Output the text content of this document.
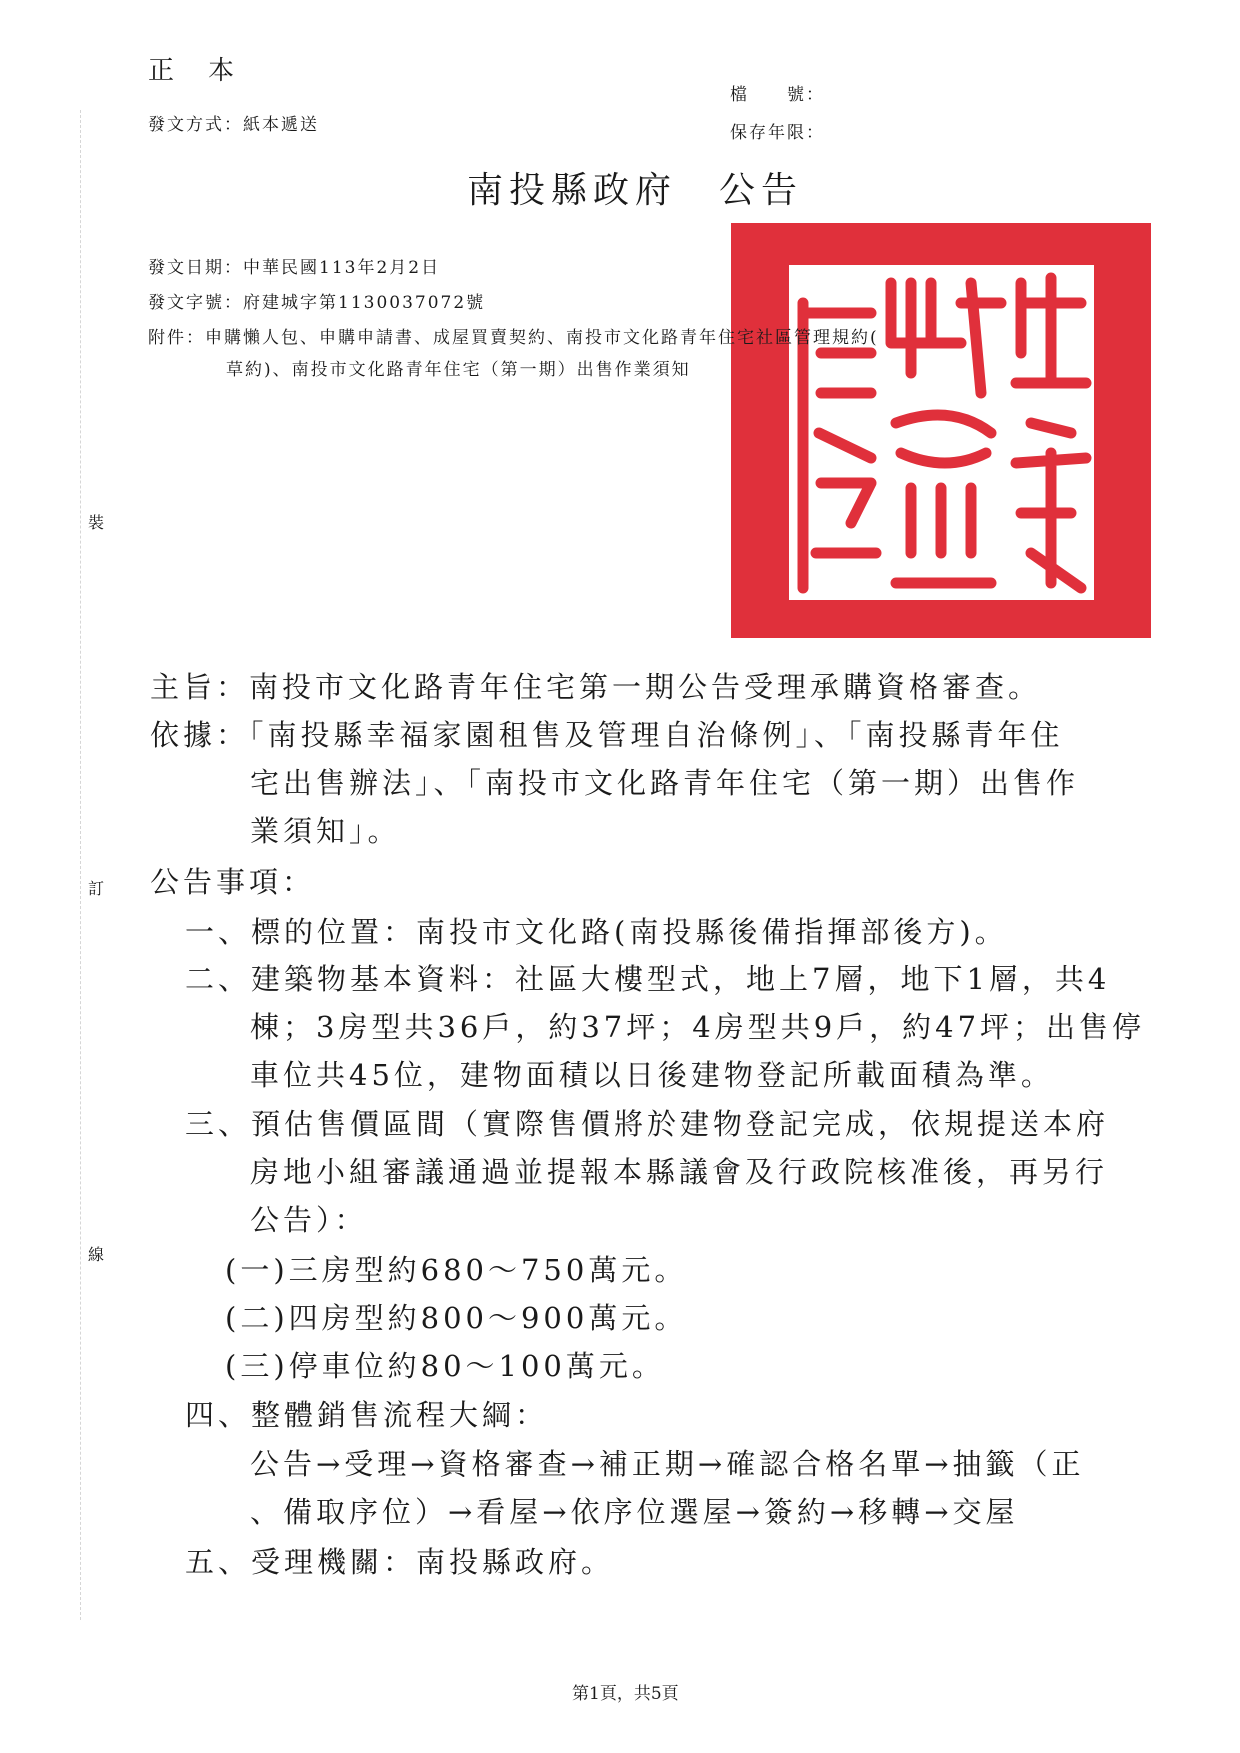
裝
訂
線
正　本
發文方式：紙本遞送
檔　　號：
保存年限：
南投縣政府　公告
發文日期：中華民國113年2月2日
發文字號：府建城字第1130037072號
附件：申購懶人包、申購申請書、成屋買賣契約、南投市文化路青年住宅社區管理規約(
草約)、南投市文化路青年住宅（第一期）出售作業須知
主旨：南投市文化路青年住宅第一期公告受理承購資格審查。
依據：「南投縣幸福家園租售及管理自治條例」、「南投縣青年住
宅出售辦法」、「南投市文化路青年住宅（第一期）出售作
業須知」。
公告事項：
一、標的位置：南投市文化路(南投縣後備指揮部後方)。
二、建築物基本資料：社區大樓型式，地上7層，地下1層，共4
棟；3房型共36戶，約37坪；4房型共9戶，約47坪；出售停
車位共45位，建物面積以日後建物登記所載面積為準。
三、預估售價區間（實際售價將於建物登記完成，依規提送本府
房地小組審議通過並提報本縣議會及行政院核准後，再另行
公告）：
(一)三房型約680～750萬元。
(二)四房型約800～900萬元。
(三)停車位約80～100萬元。
四、整體銷售流程大綱：
公告→受理→資格審查→補正期→確認合格名單→抽籤（正
、備取序位）→看屋→依序位選屋→簽約→移轉→交屋
五、受理機關：南投縣政府。
第1頁，共5頁
